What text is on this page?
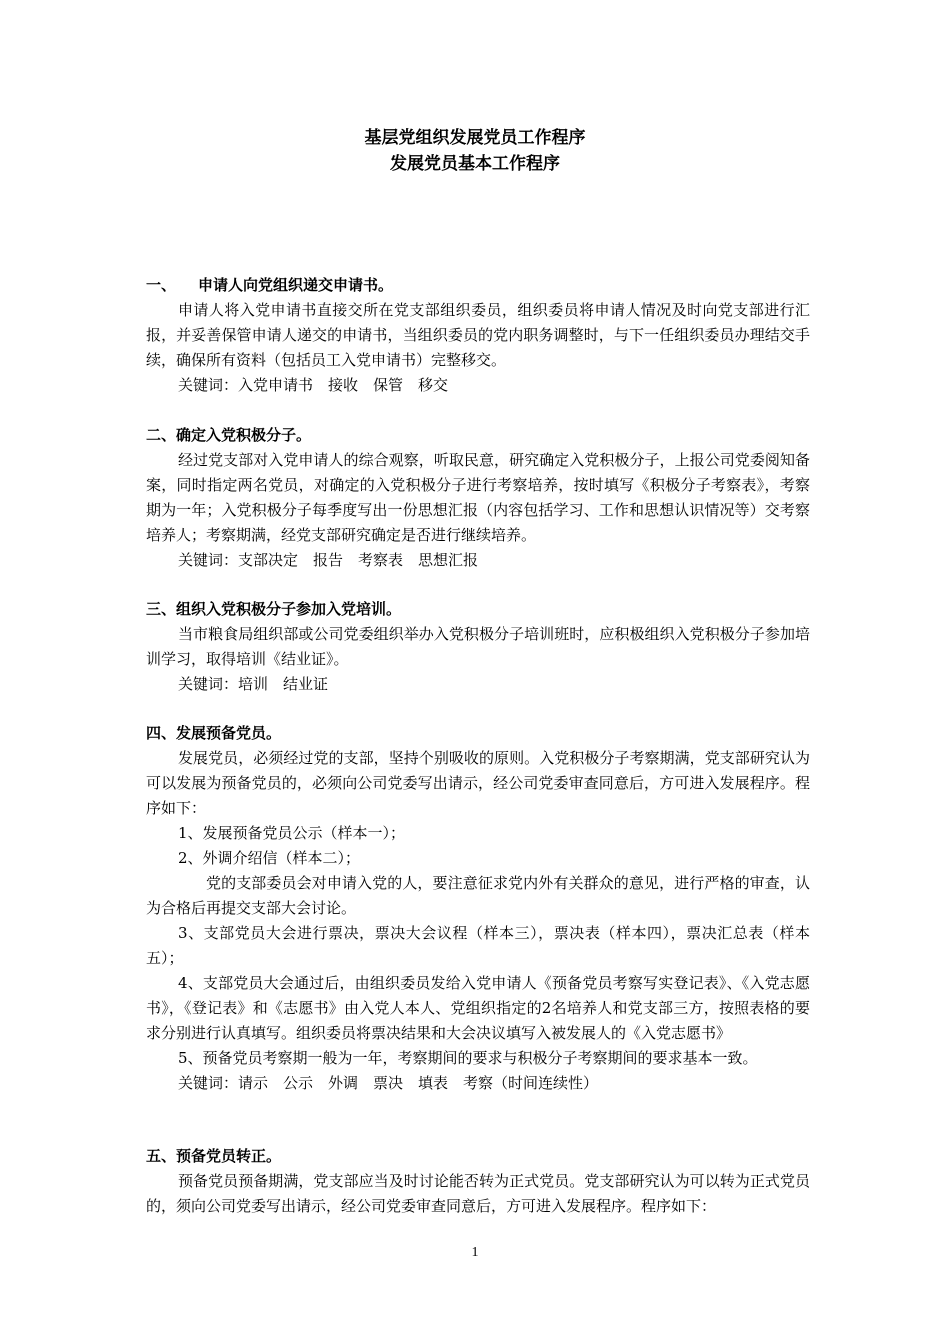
基层党组织发展党员工作程序
发展党员基本工作程序
一、 申请人向党组织递交申请书。

申请人将入党申请书直接交所在党支部组织委员，组织委员将申请人情况及时向党支部进行汇报，并妥善保管申请人递交的申请书，当组织委员的党内职务调整时，与下一任组织委员办理结交手续，确保所有资料（包括员工入党申请书）完整移交。

关键词：入党申请书　接收　保管　移交

二、确定入党积极分子。

经过党支部对入党申请人的综合观察，听取民意，研究确定入党积极分子，上报公司党委阅知备案，同时指定两名党员，对确定的入党积极分子进行考察培养，按时填写《积极分子考察表》，考察期为一年；入党积极分子每季度写出一份思想汇报（内容包括学习、工作和思想认识情况等）交考察培养人；考察期满，经党支部研究确定是否进行继续培养。

关键词：支部决定　报告　考察表　思想汇报

三、组织入党积极分子参加入党培训。

当市粮食局组织部或公司党委组织举办入党积极分子培训班时，应积极组织入党积极分子参加培训学习，取得培训《结业证》。

关键词：培训　结业证

四、发展预备党员。

发展党员，必须经过党的支部，坚持个别吸收的原则。入党积极分子考察期满，党支部研究认为可以发展为预备党员的，必须向公司党委写出请示，经公司党委审查同意后，方可进入发展程序。程序如下：

1、发展预备党员公示（样本一）；

2、外调介绍信（样本二）；

党的支部委员会对申请入党的人，要注意征求党内外有关群众的意见，进行严格的审查，认为合格后再提交支部大会讨论。

3、支部党员大会进行票决，票决大会议程（样本三），票决表（样本四），票决汇总表（样本五）；

4、支部党员大会通过后，由组织委员发给入党申请人《预备党员考察写实登记表》、《入党志愿书》，《登记表》和《志愿书》由入党人本人、党组织指定的2名培养人和党支部三方，按照表格的要求分别进行认真填写。组织委员将票决结果和大会决议填写入被发展人的《入党志愿书》

5、预备党员考察期一般为一年，考察期间的要求与积极分子考察期间的要求基本一致。

关键词：请示　公示　外调　票决　填表　考察（时间连续性）

五、预备党员转正。

预备党员预备期满，党支部应当及时讨论能否转为正式党员。党支部研究认为可以转为正式党员的，须向公司党委写出请示，经公司党委审查同意后，方可进入发展程序。程序如下：

1
